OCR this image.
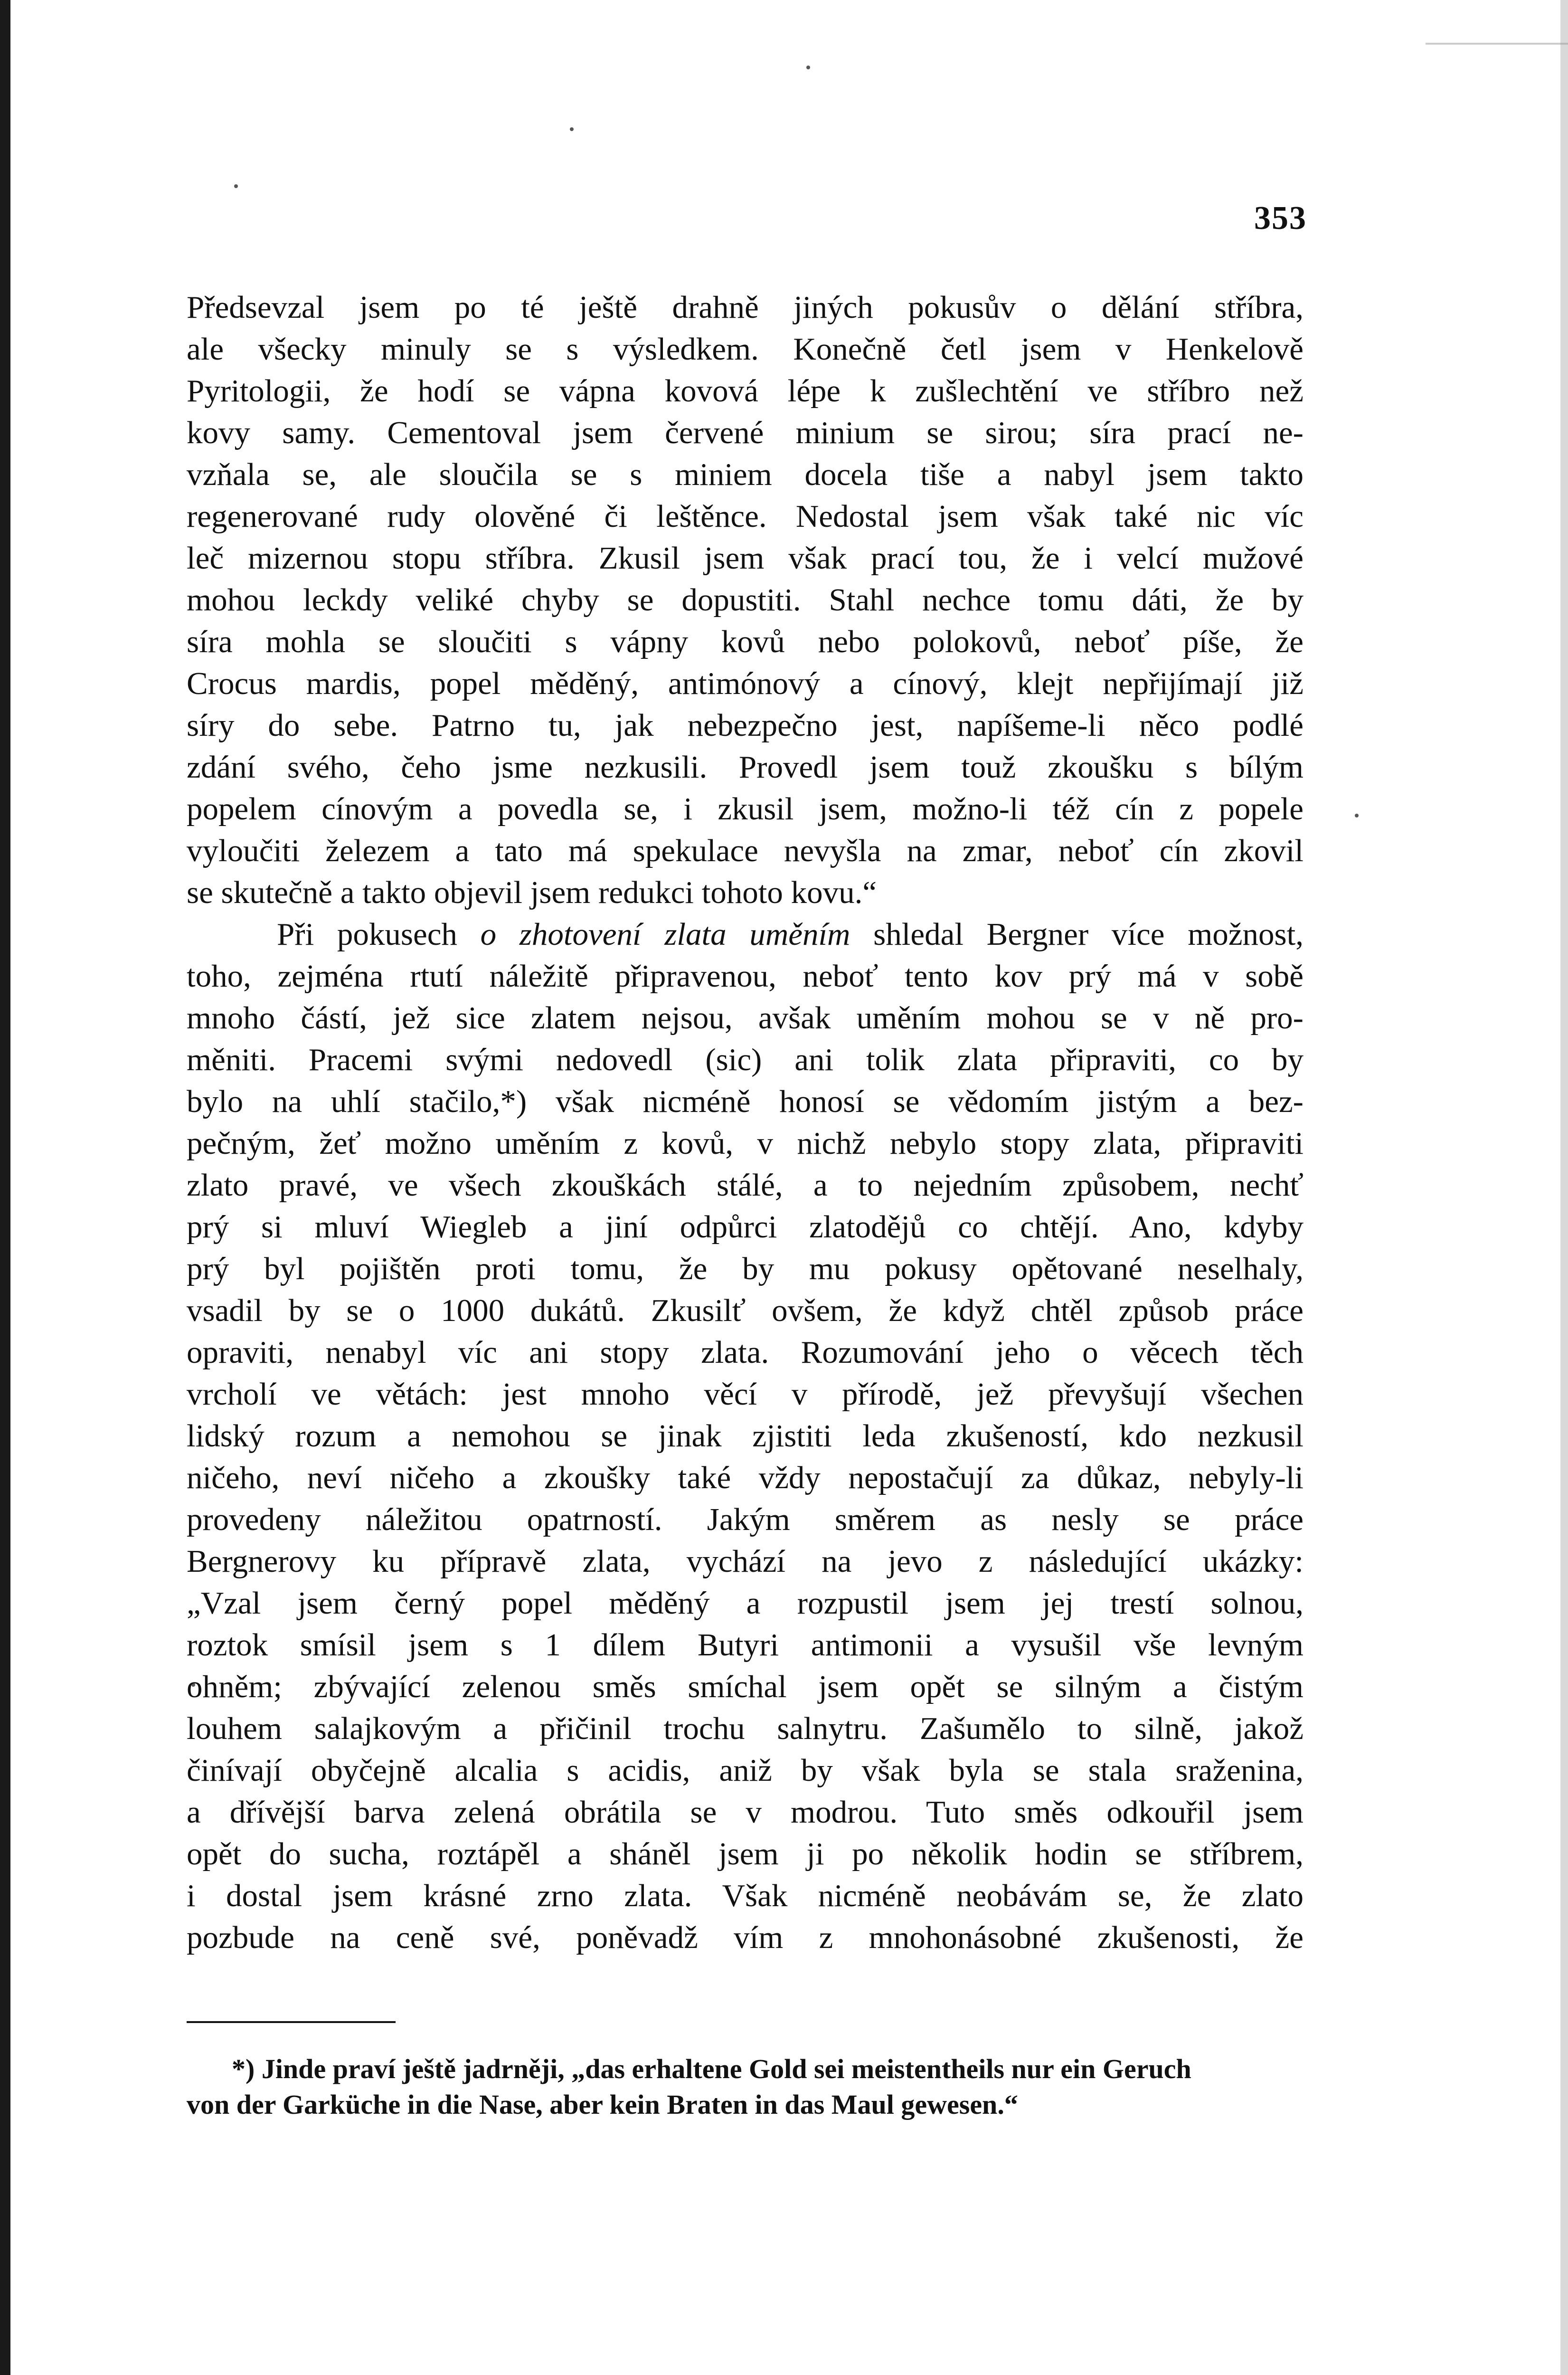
353
Předsevzal jsem po té ještě drahně jiných pokusův o dělání stříbra,
ale všecky minuly se s výsledkem. Konečně četl jsem v Henkelově
Pyritologii, že hodí se vápna kovová lépe k zušlechtění ve stříbro než
kovy samy. Cementoval jsem červené minium se sirou; síra prací ne-
vzňala se, ale sloučila se s miniem docela tiše a nabyl jsem takto
regenerované rudy olověné či leštěnce. Nedostal jsem však také nic víc
leč mizernou stopu stříbra. Zkusil jsem však prací tou, že i velcí mužové
mohou leckdy veliké chyby se dopustiti. Stahl nechce tomu dáti, že by
síra mohla se sloučiti s vápny kovů nebo polokovů, neboť píše, že
Crocus mardis, popel měděný, antimónový a cínový, klejt nepřijímají již
síry do sebe. Patrno tu, jak nebezpečno jest, napíšeme-li něco podlé
zdání svého, čeho jsme nezkusili. Provedl jsem touž zkoušku s bílým
popelem cínovým a povedla se, i zkusil jsem, možno-li též cín z popele
vyloučiti železem a tato má spekulace nevyšla na zmar, neboť cín zkovil
se skutečně a takto objevil jsem redukci tohoto kovu.“
Při pokusech o zhotovení zlata uměním shledal Bergner více možnost,
toho, zejména rtutí náležitě připravenou, neboť tento kov prý má v sobě
mnoho částí, jež sice zlatem nejsou, avšak uměním mohou se v ně pro-
měniti. Pracemi svými nedovedl (sic) ani tolik zlata připraviti, co by
bylo na uhlí stačilo,*) však nicméně honosí se vědomím jistým a bez-
pečným, žeť možno uměním z kovů, v nichž nebylo stopy zlata, připraviti
zlato pravé, ve všech zkouškách stálé, a to nejedním způsobem, nechť
prý si mluví Wiegleb a jiní odpůrci zlatodějů co chtějí. Ano, kdyby
prý byl pojištěn proti tomu, že by mu pokusy opětované neselhaly,
vsadil by se o 1000 dukátů. Zkusilť ovšem, že když chtěl způsob práce
opraviti, nenabyl víc ani stopy zlata. Rozumování jeho o věcech těch
vrcholí ve větách: jest mnoho věcí v přírodě, jež převyšují všechen
lidský rozum a nemohou se jinak zjistiti leda zkušeností, kdo nezkusil
ničeho, neví ničeho a zkoušky také vždy nepostačují za důkaz, nebyly-li
provedeny náležitou opatrností. Jakým směrem as nesly se práce
Bergnerovy ku přípravě zlata, vychází na jevo z následující ukázky:
„Vzal jsem černý popel měděný a rozpustil jsem jej trestí solnou,
roztok smísil jsem s 1 dílem Butyri antimonii a vysušil vše levným
ohněm; zbývající zelenou směs smíchal jsem opět se silným a čistým
louhem salajkovým a přičinil trochu salnytru. Zašumělo to silně, jakož
činívají obyčejně alcalia s acidis, aniž by však byla se stala sraženina,
a dřívější barva zelená obrátila se v modrou. Tuto směs odkouřil jsem
opět do sucha, roztápěl a sháněl jsem ji po několik hodin se stříbrem,
i dostal jsem krásné zrno zlata. Však nicméně neobávám se, že zlato
pozbude na ceně své, poněvadž vím z mnohonásobné zkušenosti, že
*) Jinde praví ještě jadrněji, „das erhaltene Gold sei meistentheils nur ein Geruch
von der Garküche in die Nase, aber kein Braten in das Maul gewesen.“
